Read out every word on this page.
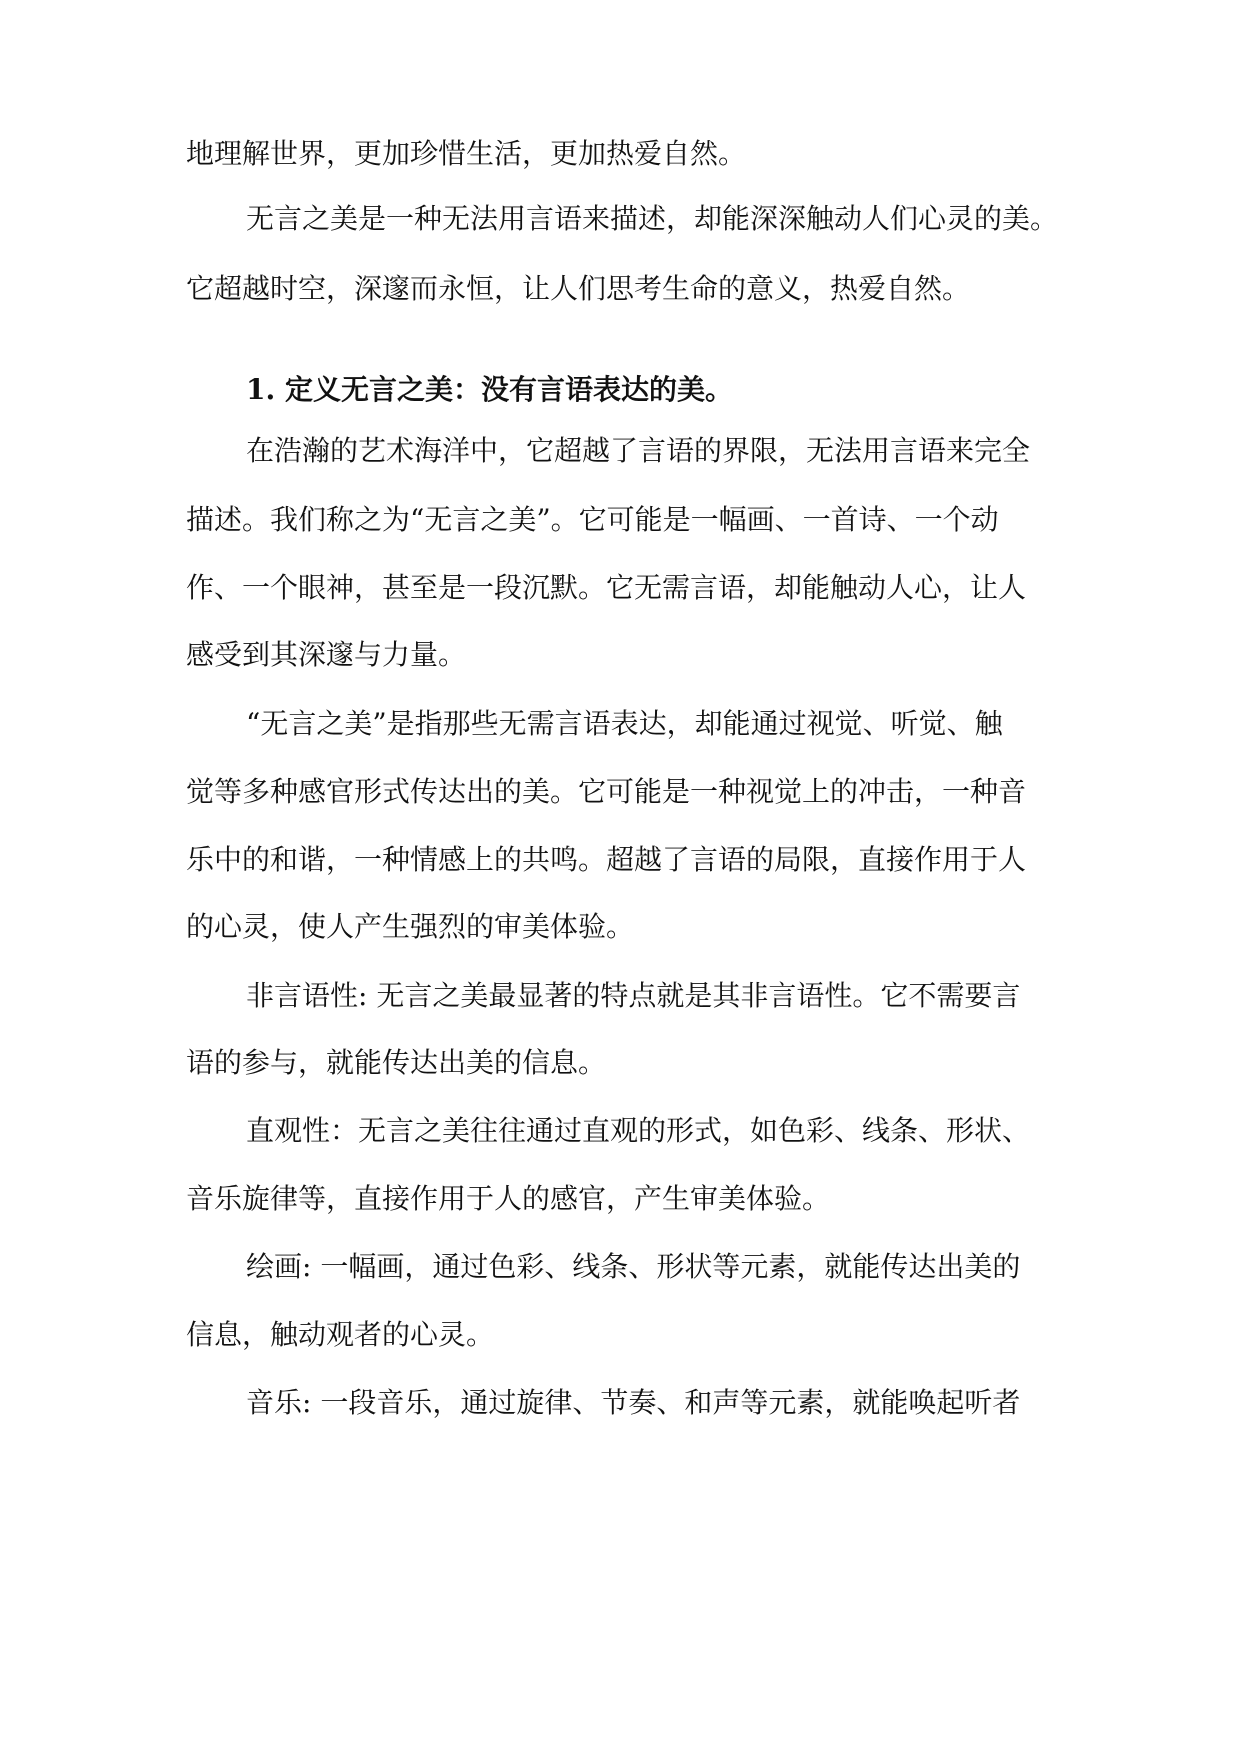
地理解世界，更加珍惜生活，更加热爱自然。

无言之美是一种无法用言语来描述，却能深深触动人们心灵的美。

它超越时空，深邃而永恒，让人们思考生命的意义，热爱自然。

1. 定义无言之美：没有言语表达的美。

在浩瀚的艺术海洋中，它超越了言语的界限，无法用言语来完全

描述。我们称之为“无言之美”。它可能是一幅画、一首诗、一个动

作、一个眼神，甚至是一段沉默。它无需言语，却能触动人心，让人

感受到其深邃与力量。

“无言之美”是指那些无需言语表达，却能通过视觉、听觉、触

觉等多种感官形式传达出的美。它可能是一种视觉上的冲击，一种音

乐中的和谐，一种情感上的共鸣。超越了言语的局限，直接作用于人

的心灵，使人产生强烈的审美体验。

非言语性: 无言之美最显著的特点就是其非言语性。它不需要言

语的参与，就能传达出美的信息。

直观性：无言之美往往通过直观的形式，如色彩、线条、形状、

音乐旋律等，直接作用于人的感官，产生审美体验。

绘画: 一幅画，通过色彩、线条、形状等元素，就能传达出美的

信息，触动观者的心灵。

音乐: 一段音乐，通过旋律、节奏、和声等元素，就能唤起听者
